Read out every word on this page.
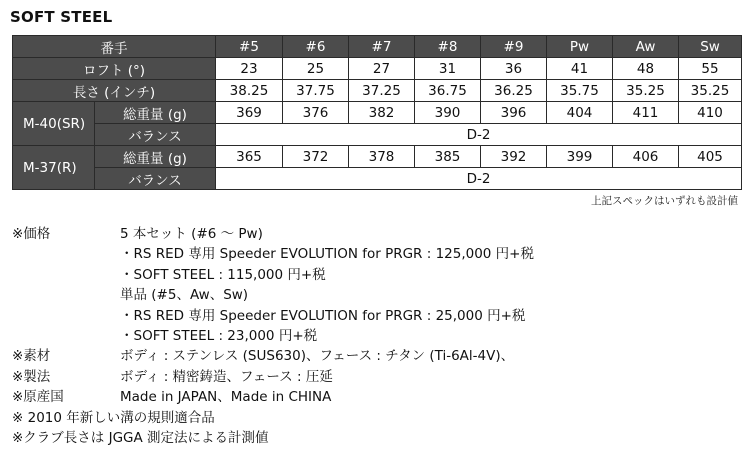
SOFT STEEL
番手		#5	#6	#7	#8	#9	Pw	Aw	Sw
ロフト (°)		23	25	27	31	36	41	48	55
長さ (インチ)		38.25	37.75	37.25	36.75	36.25	35.75	35.25	35.25
M-40(SR)	総重量 (g)	369	376	382	390	396	404	411	410
	バランス	D-2							
M-37(R)	総重量 (g)	365	372	378	385	392	399	406	405
	バランス	D-2							
上記スペックはいずれも設計値
※価格	5 本セット (#6 〜 Pw)
・RS RED 専用 Speeder EVOLUTION for PRGR : 125,000 円+税
・SOFT STEEL : 115,000 円+税
単品 (#5、Aw、Sw)
・RS RED 専用 Speeder EVOLUTION for PRGR : 25,000 円+税
・SOFT STEEL : 23,000 円+税
※素材	ボディ : ステンレス (SUS630)、フェース : チタン (Ti-6Al-4V)、
※製法	ボディ : 精密鋳造、フェース : 圧延
※原産国	Made in JAPAN、Made in CHINA
※ 2010 年新しい溝の規則適合品
※クラブ長さは JGGA 測定法による計測値
